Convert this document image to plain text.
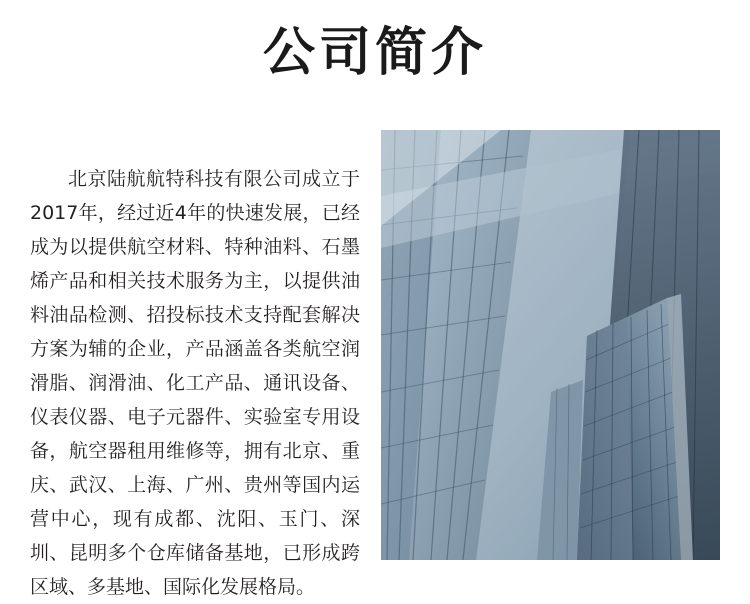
公司简介
北京陆航航特科技有限公司成立于2017年，经过近4年的快速发展，已经成为以提供航空材料、特种油料、石墨烯产品和相关技术服务为主，以提供油料油品检测、招投标技术支持配套解决方案为辅的企业，产品涵盖各类航空润滑脂、润滑油、化工产品、通讯设备、仪表仪器、电子元器件、实验室专用设备，航空器租用维修等，拥有北京、重庆、武汉、上海、广州、贵州等国内运营中心，现有成都、沈阳、玉门、深圳、昆明多个仓库储备基地，已形成跨区域、多基地、国际化发展格局。
